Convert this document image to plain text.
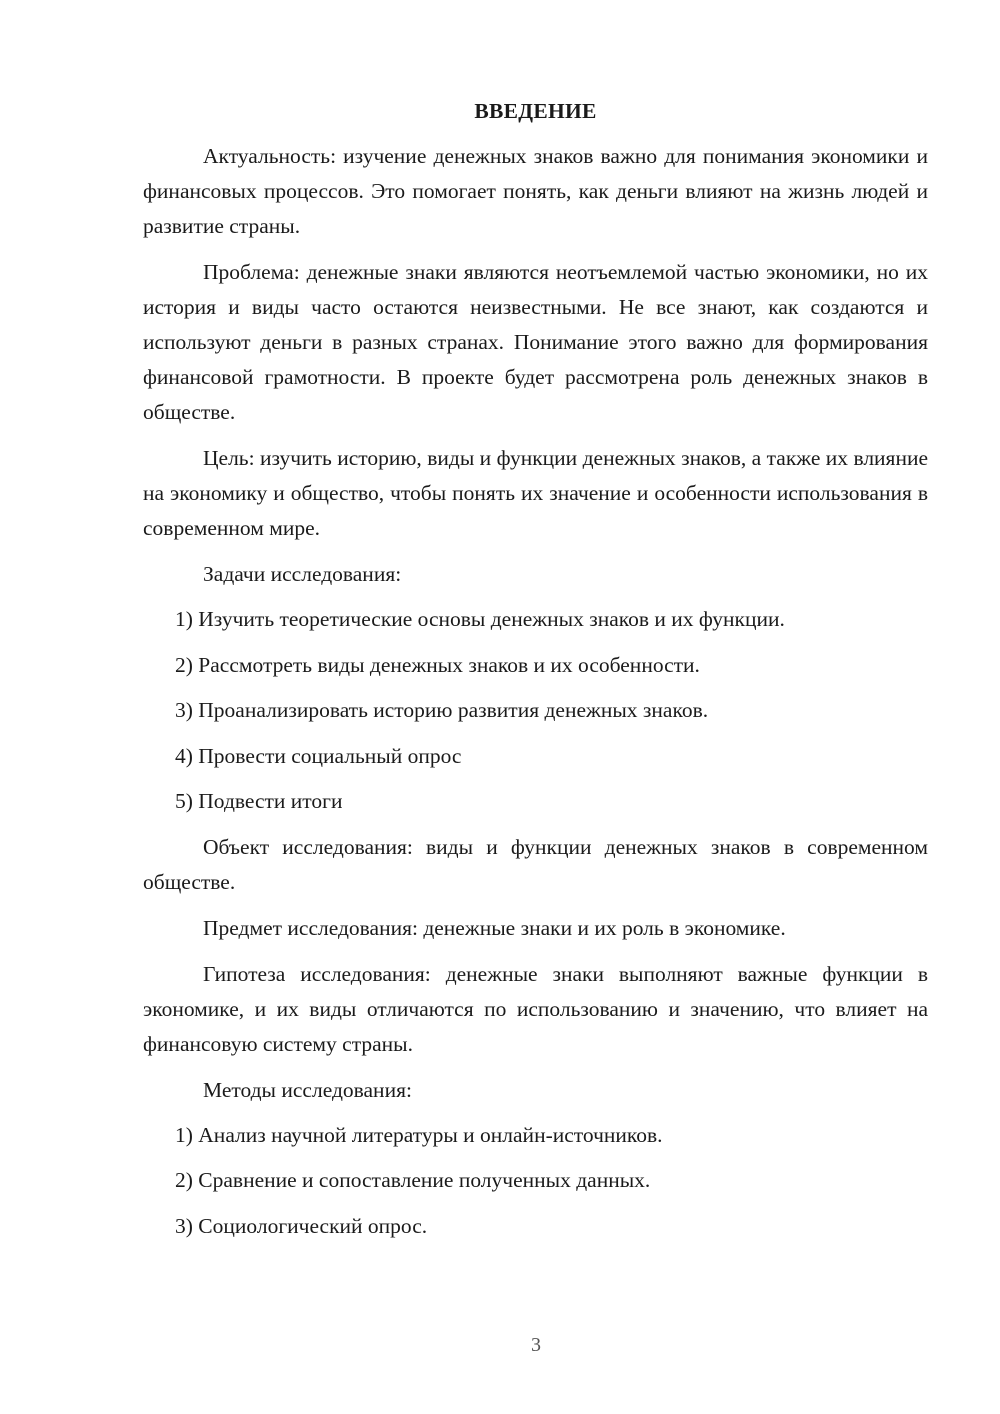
ВВЕДЕНИЕ

Актуальность: изучение денежных знаков важно для понимания экономики и финансовых процессов. Это помогает понять, как деньги влияют на жизнь людей и развитие страны.

Проблема: денежные знаки являются неотъемлемой частью экономики, но их история и виды часто остаются неизвестными. Не все знают, как создаются и используют деньги в разных странах. Понимание этого важно для формирования финансовой грамотности. В проекте будет рассмотрена роль денежных знаков в обществе.

Цель: изучить историю, виды и функции денежных знаков, а также их влияние на экономику и общество, чтобы понять их значение и особенности использования в современном мире.

Задачи исследования:
1) Изучить теоретические основы денежных знаков и их функции.
2) Рассмотреть виды денежных знаков и их особенности.
3) Проанализировать историю развития денежных знаков.
4) Провести социальный опрос
5) Подвести итоги

Объект исследования: виды и функции денежных знаков в современном обществе.

Предмет исследования: денежные знаки и их роль в экономике.

Гипотеза исследования: денежные знаки выполняют важные функции в экономике, и их виды отличаются по использованию и значению, что влияет на финансовую систему страны.

Методы исследования:
1) Анализ научной литературы и онлайн-источников.
2) Сравнение и сопоставление полученных данных.
3) Социологический опрос.
3
